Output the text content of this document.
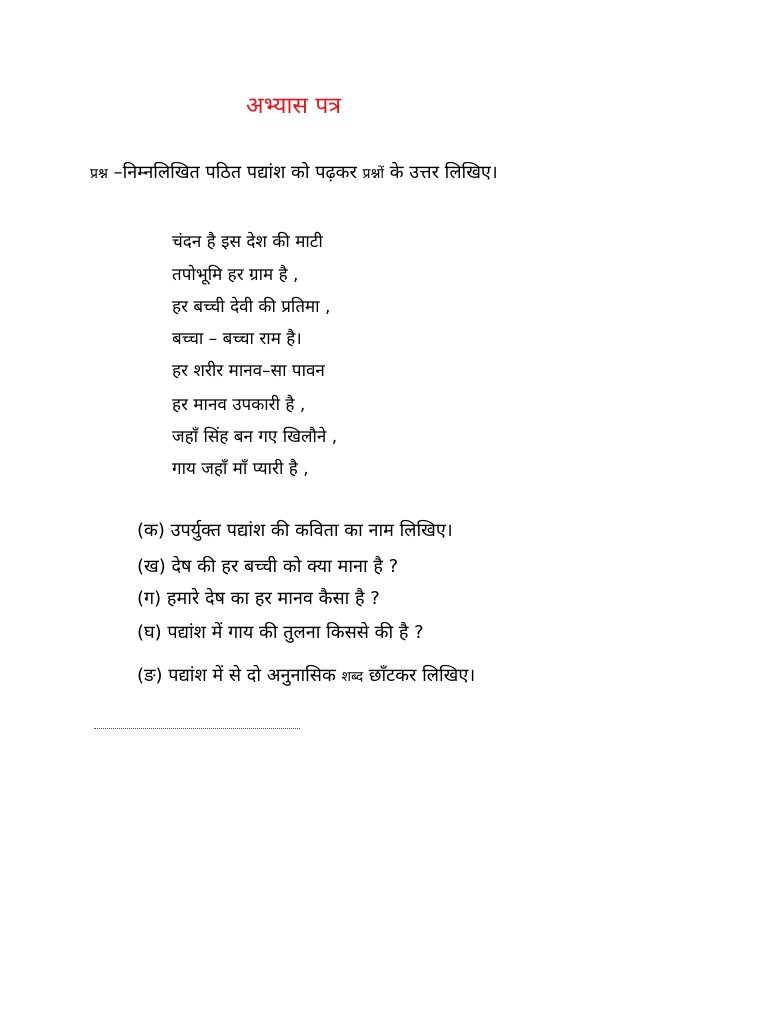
अभ्यास पत्र
प्रश्न –निम्नलिखित पठित पद्यांश को पढ़कर प्रश्नों के उत्तर लिखिए।
चंदन है इस देश की माटी
तपोभूमि हर ग्राम है ,
हर बच्ची देवी की प्रतिमा ,
बच्चा – बच्चा राम है।
हर शरीर मानव–सा पावन
हर मानव उपकारी है ,
जहाँ सिंह बन गए खिलौने ,
गाय जहाँ माँ प्यारी है ,
(क) उपर्युक्त पद्यांश की कविता का नाम लिखिए।
(ख) देष की हर बच्ची को क्या माना है ?
(ग) हमारे देष का हर मानव कैसा है ?
(घ) पद्यांश में गाय की तुलना किससे की है ?
(ङ) पद्यांश में से दो अनुनासिक शब्द छाँटकर लिखिए।
